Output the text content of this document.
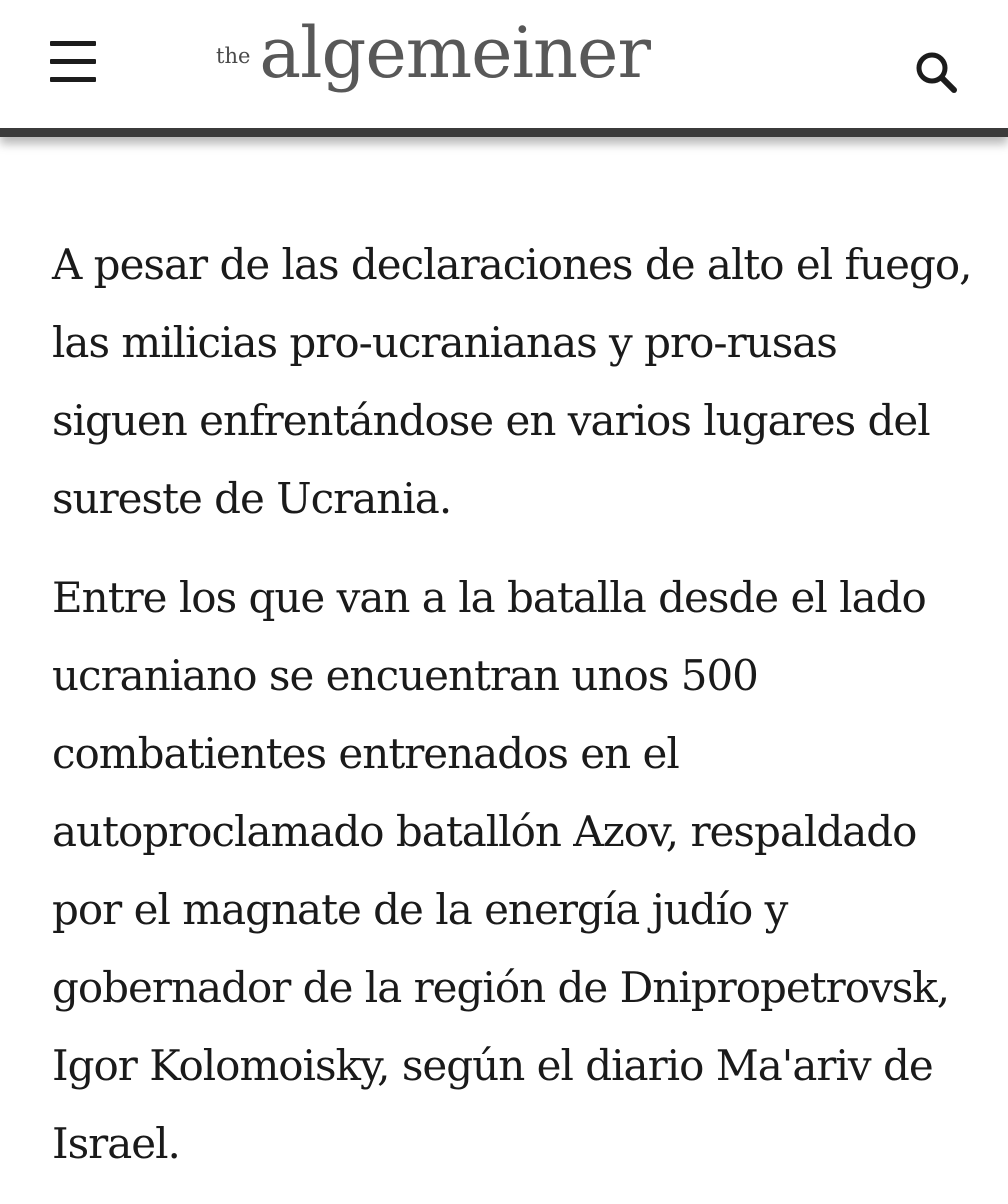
the algemeiner

A pesar de las declaraciones de alto el fuego, las milicias pro-ucranianas y pro-rusas siguen enfrentándose en varios lugares del sureste de Ucrania.

Entre los que van a la batalla desde el lado ucraniano se encuentran unos 500 combatientes entrenados en el autoproclamado batallón Azov, respaldado por el magnate de la energía judío y gobernador de la región de Dnipropetrovsk, Igor Kolomoisky, según el diario Ma'ariv de Israel.
